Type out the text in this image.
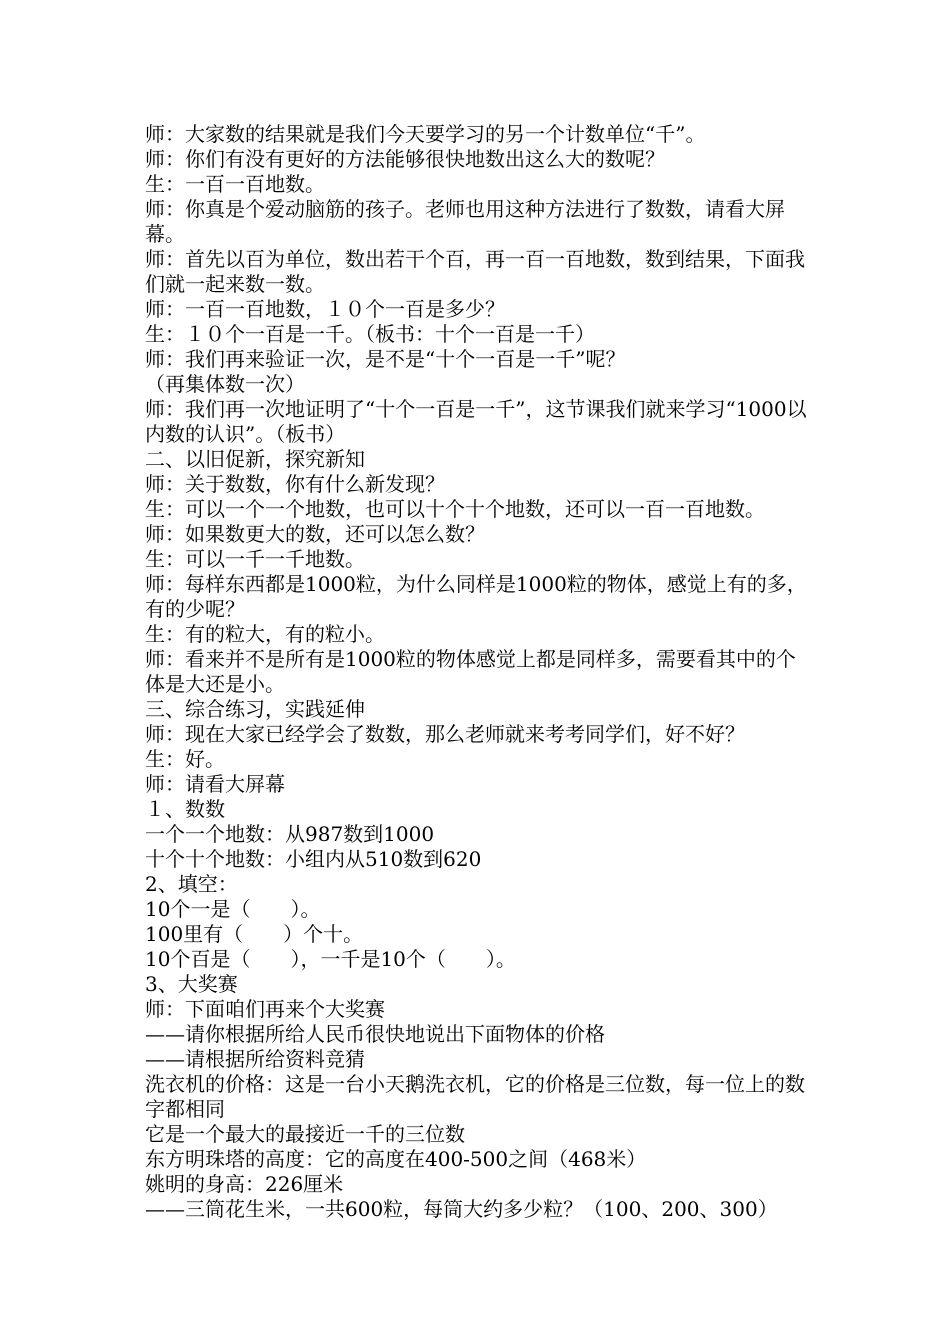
师：大家数的结果就是我们今天要学习的另一个计数单位“千”。

师：你们有没有更好的方法能够很快地数出这么大的数呢？

生：一百一百地数。

师：你真是个爱动脑筋的孩子。老师也用这种方法进行了数数，请看大屏幕。

师：首先以百为单位，数出若干个百，再一百一百地数，数到结果，下面我们就一起来数一数。

师：一百一百地数，１０个一百是多少？

生：１０个一百是一千。（板书：十个一百是一千）

师：我们再来验证一次，是不是“十个一百是一千”呢？

（再集体数一次）

师：我们再一次地证明了“十个一百是一千”，这节课我们就来学习“1000以内数的认识”。（板书）

二、以旧促新，探究新知

师：关于数数，你有什么新发现？

生：可以一个一个地数，也可以十个十个地数，还可以一百一百地数。

师：如果数更大的数，还可以怎么数？

生：可以一千一千地数。

师：每样东西都是1000粒，为什么同样是1000粒的物体，感觉上有的多，有的少呢？

生：有的粒大，有的粒小。

师：看来并不是所有是1000粒的物体感觉上都是同样多，需要看其中的个体是大还是小。

三、综合练习，实践延伸

师：现在大家已经学会了数数，那么老师就来考考同学们，好不好？

生：好。

师：请看大屏幕

１、数数

一个一个地数：从987数到1000

十个十个地数：小组内从510数到620

2、填空：

10个一是（　　）。

100里有（　　）个十。

10个百是（　　），一千是10个（　　）。

3、大奖赛

师：下面咱们再来个大奖赛

——请你根据所给人民币很快地说出下面物体的价格

——请根据所给资料竞猜

洗衣机的价格：这是一台小天鹅洗衣机，它的价格是三位数，每一位上的数字都相同

它是一个最大的最接近一千的三位数

东方明珠塔的高度：它的高度在400-500之间（468米）

姚明的身高：226厘米

——三筒花生米，一共600粒，每筒大约多少粒？（100、200、300）
